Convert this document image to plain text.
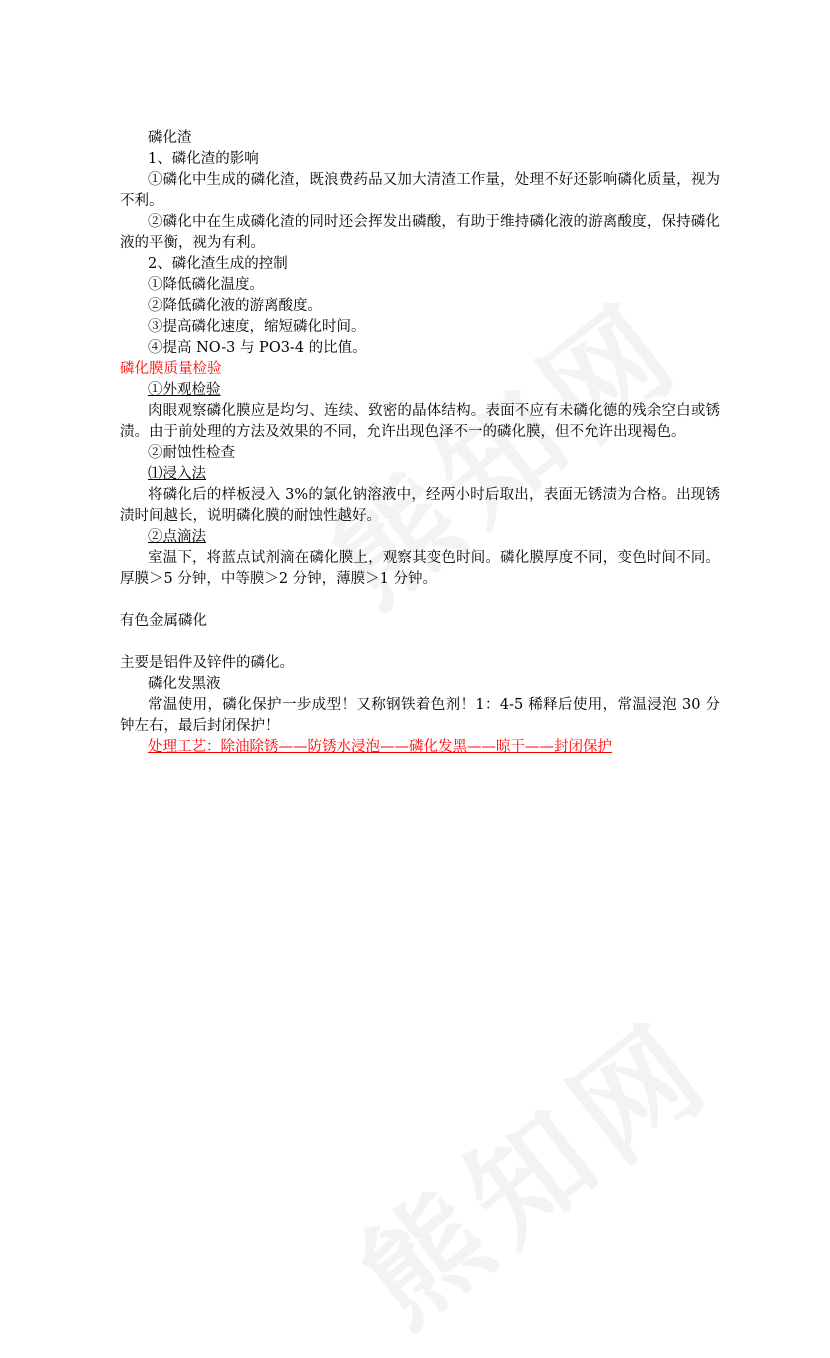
磷化渣
1、磷化渣的影响
①磷化中生成的磷化渣，既浪费药品又加大清渣工作量，处理不好还影响磷化质量，视为不利。
②磷化中在生成磷化渣的同时还会挥发出磷酸，有助于维持磷化液的游离酸度，保持磷化液的平衡，视为有利。
2、磷化渣生成的控制
①降低磷化温度。
②降低磷化液的游离酸度。
③提高磷化速度，缩短磷化时间。
④提高 NO-3 与 PO3-4 的比值。
磷化膜质量检验
①外观检验
肉眼观察磷化膜应是均匀、连续、致密的晶体结构。表面不应有未磷化德的残余空白或锈渍。由于前处理的方法及效果的不同，允许出现色泽不一的磷化膜，但不允许出现褐色。
②耐蚀性检查
⑴浸入法
将磷化后的样板浸入 3%的氯化钠溶液中，经两小时后取出，表面无锈渍为合格。出现锈渍时间越长，说明磷化膜的耐蚀性越好。
②点滴法
室温下，将蓝点试剂滴在磷化膜上，观察其变色时间。磷化膜厚度不同，变色时间不同。厚膜＞5 分钟，中等膜＞2 分钟，薄膜＞1 分钟。
有色金属磷化
主要是铝件及锌件的磷化。
磷化发黑液
常温使用，磷化保护一步成型！又称钢铁着色剂！1：4-5 稀释后使用，常温浸泡 30 分钟左右，最后封闭保护！
处理工艺：除油除锈——防锈水浸泡——磷化发黑——晾干——封闭保护
